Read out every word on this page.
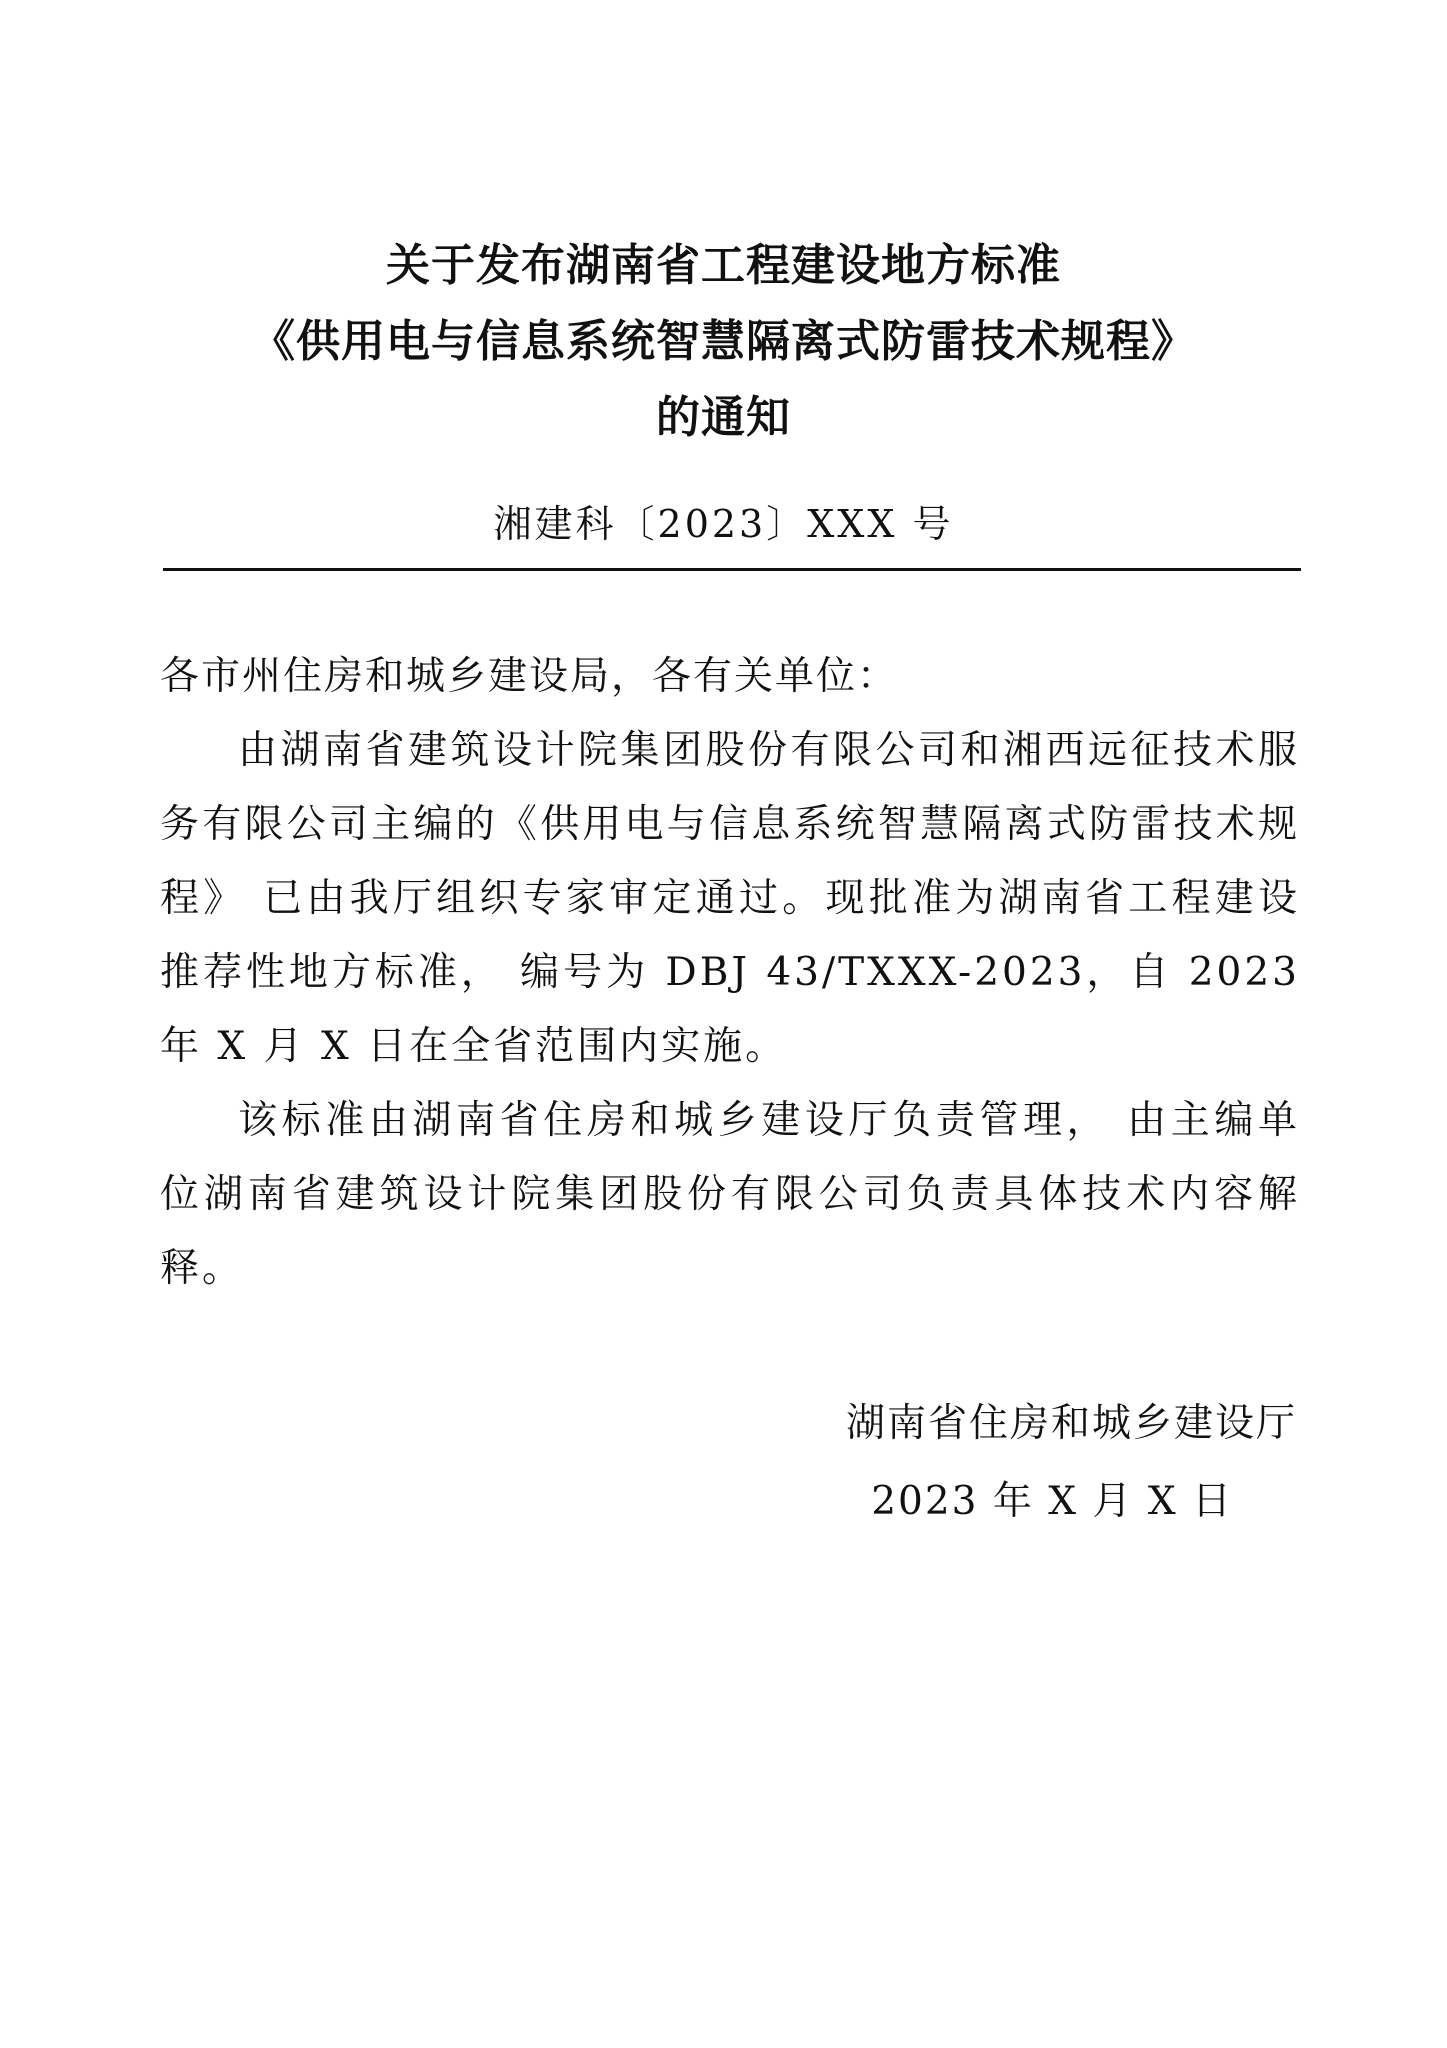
关于发布湖南省工程建设地方标准
《供用电与信息系统智慧隔离式防雷技术规程》
的通知
湘建科〔2023〕XXX 号

各市州住房和城乡建设局，各有关单位：

由湖南省建筑设计院集团股份有限公司和湘西远征技术服务有限公司主编的《供用电与信息系统智慧隔离式防雷技术规程》 已由我厅组织专家审定通过。现批准为湖南省工程建设推荐性地方标准， 编号为 DBJ 43/TXXX-2023，自 2023 年 X 月 X 日在全省范围内实施。

该标准由湖南省住房和城乡建设厅负责管理， 由主编单位湖南省建筑设计院集团股份有限公司负责具体技术内容解释。

湖南省住房和城乡建设厅
2023 年 X 月 X 日
